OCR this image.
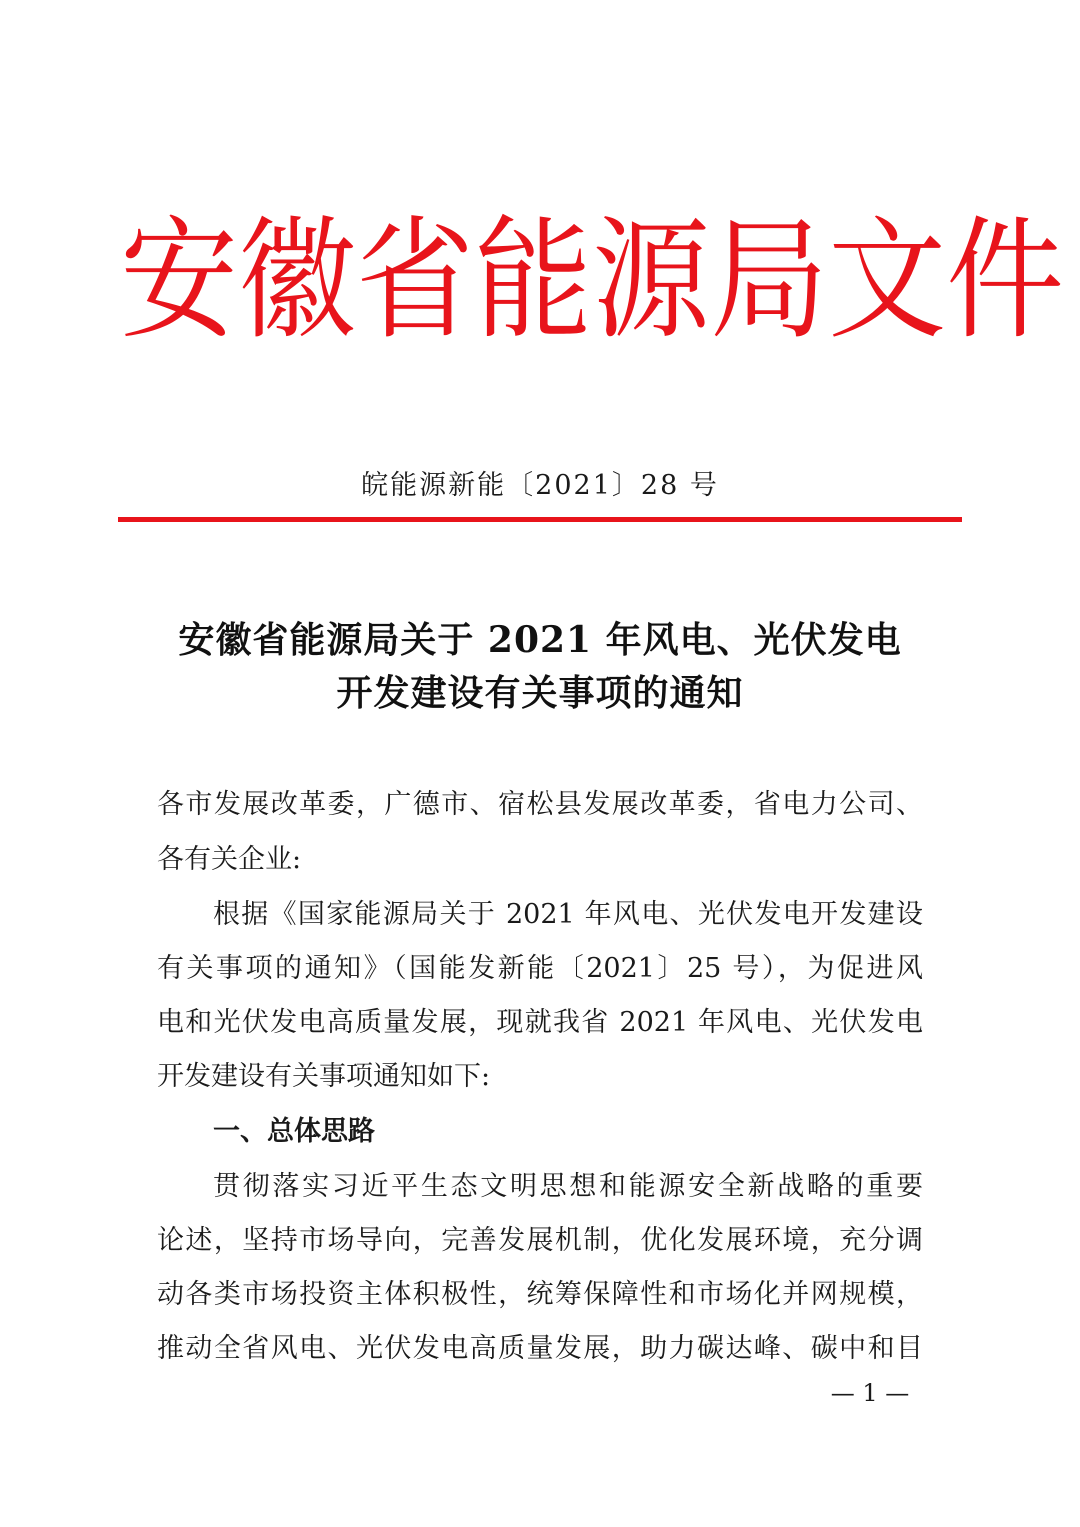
安 徽 省 能 源 局 文 件
皖能源新能〔2021〕28 号
安徽省能源局关于 2021 年风电、光伏发电
开发建设有关事项的通知
各市发展改革委，广德市、宿松县发展改革委，省电力公司、
各有关企业:
根据《国家能源局关于 2021 年风电、光伏发电开发建设
有关事项的通知》（国能发新能〔2021〕25 号），为促进风
电和光伏发电高质量发展，现就我省 2021 年风电、光伏发电
开发建设有关事项通知如下:
一、总体思路
贯彻落实习近平生态文明思想和能源安全新战略的重要
论述，坚持市场导向，完善发展机制，优化发展环境，充分调
动各类市场投资主体积极性，统筹保障性和市场化并网规模，
推动全省风电、光伏发电高质量发展，助力碳达峰、碳中和目
— 1 —
